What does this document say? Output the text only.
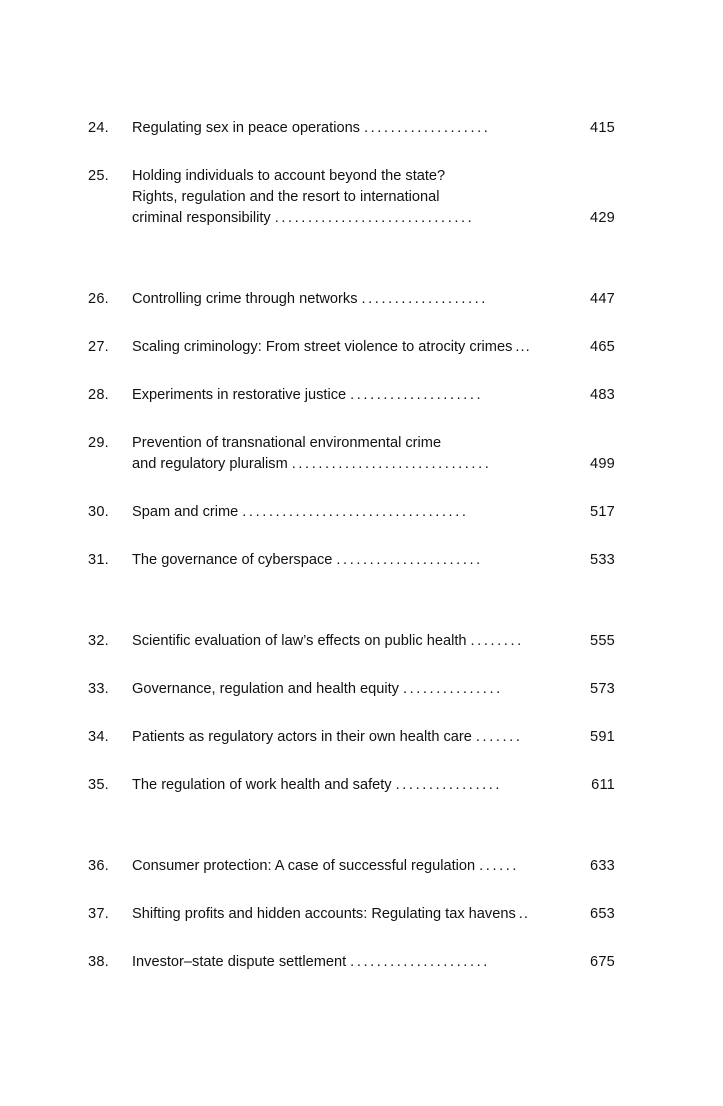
24.	Regulating sex in peace operations ...................	415
25.	Holding individuals to account beyond the state?
Rights, regulation and the resort to international
criminal responsibility ..............................	429
26.	Controlling crime through networks ...................	447
27.	Scaling criminology: From street violence to atrocity crimes ...	465
28.	Experiments in restorative justice ....................	483
29.	Prevention of transnational environmental crime
and regulatory pluralism ..............................	499
30.	Spam and crime ..................................	517
31.	The governance of cyberspace ......................	533
32.	Scientific evaluation of law’s effects on public health ........	555
33.	Governance, regulation and health equity ...............	573
34.	Patients as regulatory actors in their own health care .......	591
35.	The regulation of work health and safety ................	611
36.	Consumer protection: A case of successful regulation ......	633
37.	Shifting profits and hidden accounts: Regulating tax havens ..	653
38.	Investor–state dispute settlement .....................	675
